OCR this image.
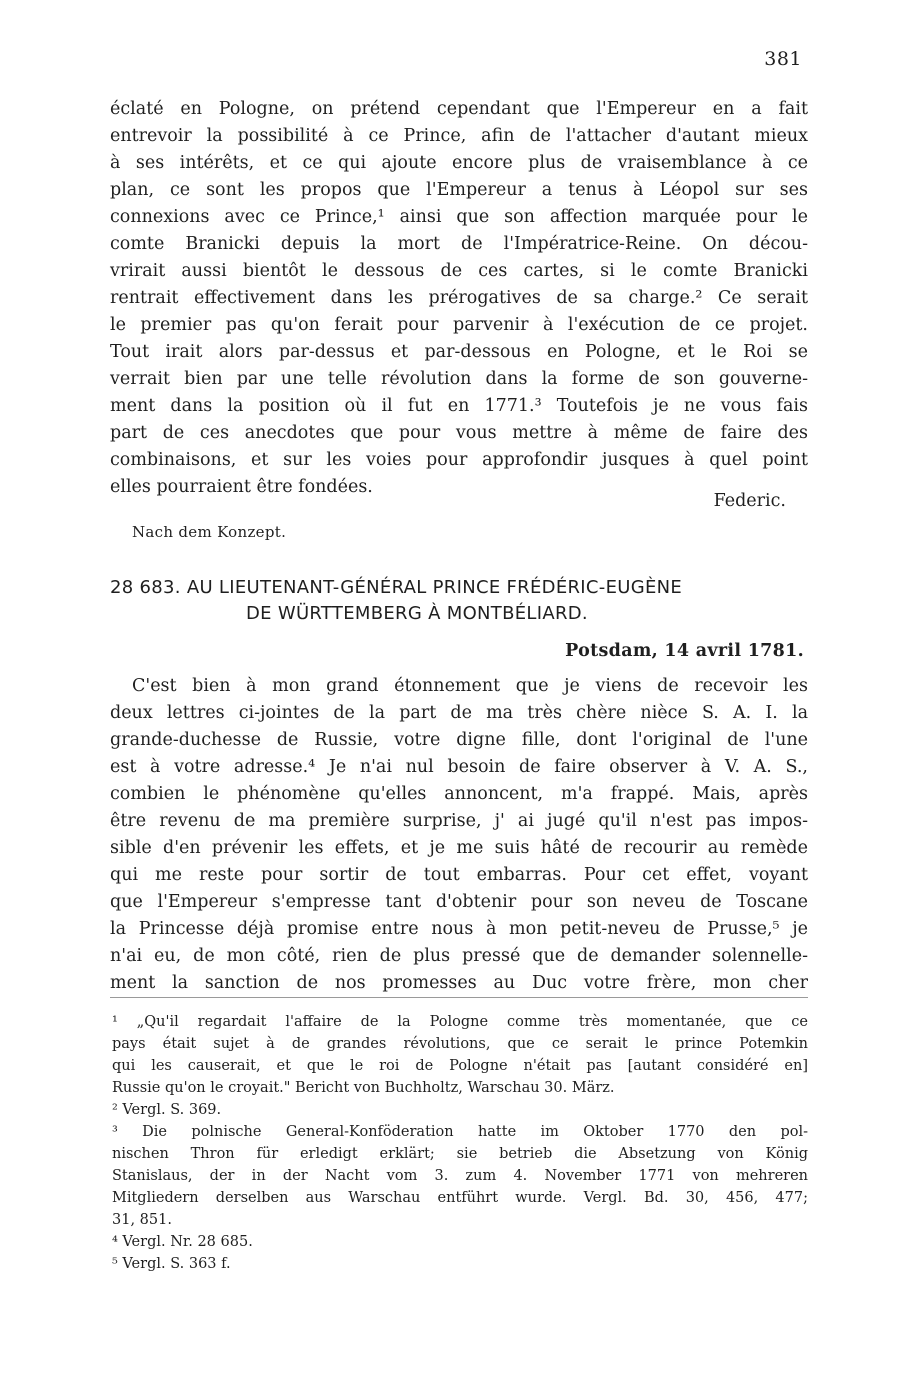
381
éclaté en Pologne, on prétend cependant que l'Empereur en a fait
entrevoir la possibilité à ce Prince, afin de l'attacher d'autant mieux
à ses intérêts, et ce qui ajoute encore plus de vraisemblance à ce
plan, ce sont les propos que l'Empereur a tenus à Léopol sur ses
connexions avec ce Prince,¹ ainsi que son affection marquée pour le
comte Branicki depuis la mort de l'Impératrice-Reine. On décou-
vrirait aussi bientôt le dessous de ces cartes, si le comte Branicki
rentrait effectivement dans les prérogatives de sa charge.² Ce serait
le premier pas qu'on ferait pour parvenir à l'exécution de ce projet.
Tout irait alors par-dessus et par-dessous en Pologne, et le Roi se
verrait bien par une telle révolution dans la forme de son gouverne-
ment dans la position où il fut en 1771.³ Toutefois je ne vous fais
part de ces anecdotes que pour vous mettre à même de faire des
combinaisons, et sur les voies pour approfondir jusques à quel point
elles pourraient être fondées.
Federic.
Nach dem Konzept.
28 683. AU LIEUTENANT-GÉNÉRAL PRINCE FRÉDÉRIC-EUGÈNE
DE WÜRTTEMBERG À MONTBÉLIARD.
Potsdam, 14 avril 1781.
C'est bien à mon grand étonnement que je viens de recevoir les
deux lettres ci-jointes de la part de ma très chère nièce S. A. I. la
grande-duchesse de Russie, votre digne fille, dont l'original de l'une
est à votre adresse.⁴ Je n'ai nul besoin de faire observer à V. A. S.,
combien le phénomène qu'elles annoncent, m'a frappé. Mais, après
être revenu de ma première surprise, j' ai jugé qu'il n'est pas impos-
sible d'en prévenir les effets, et je me suis hâté de recourir au remède
qui me reste pour sortir de tout embarras. Pour cet effet, voyant
que l'Empereur s'empresse tant d'obtenir pour son neveu de Toscane
la Princesse déjà promise entre nous à mon petit-neveu de Prusse,⁵ je
n'ai eu, de mon côté, rien de plus pressé que de demander solennelle-
ment la sanction de nos promesses au Duc votre frère, mon cher
¹ „Qu'il regardait l'affaire de la Pologne comme très momentanée, que ce
pays était sujet à de grandes révolutions, que ce serait le prince Potemkin
qui les causerait, et que le roi de Pologne n'était pas [autant considéré en]
Russie qu'on le croyait." Bericht von Buchholtz, Warschau 30. März.
² Vergl. S. 369.
³ Die polnische General-Konföderation hatte im Oktober 1770 den pol-
nischen Thron für erledigt erklärt; sie betrieb die Absetzung von König
Stanislaus, der in der Nacht vom 3. zum 4. November 1771 von mehreren
Mitgliedern derselben aus Warschau entführt wurde. Vergl. Bd. 30, 456, 477;
31, 851.
⁴ Vergl. Nr. 28 685.
⁵ Vergl. S. 363 f.
